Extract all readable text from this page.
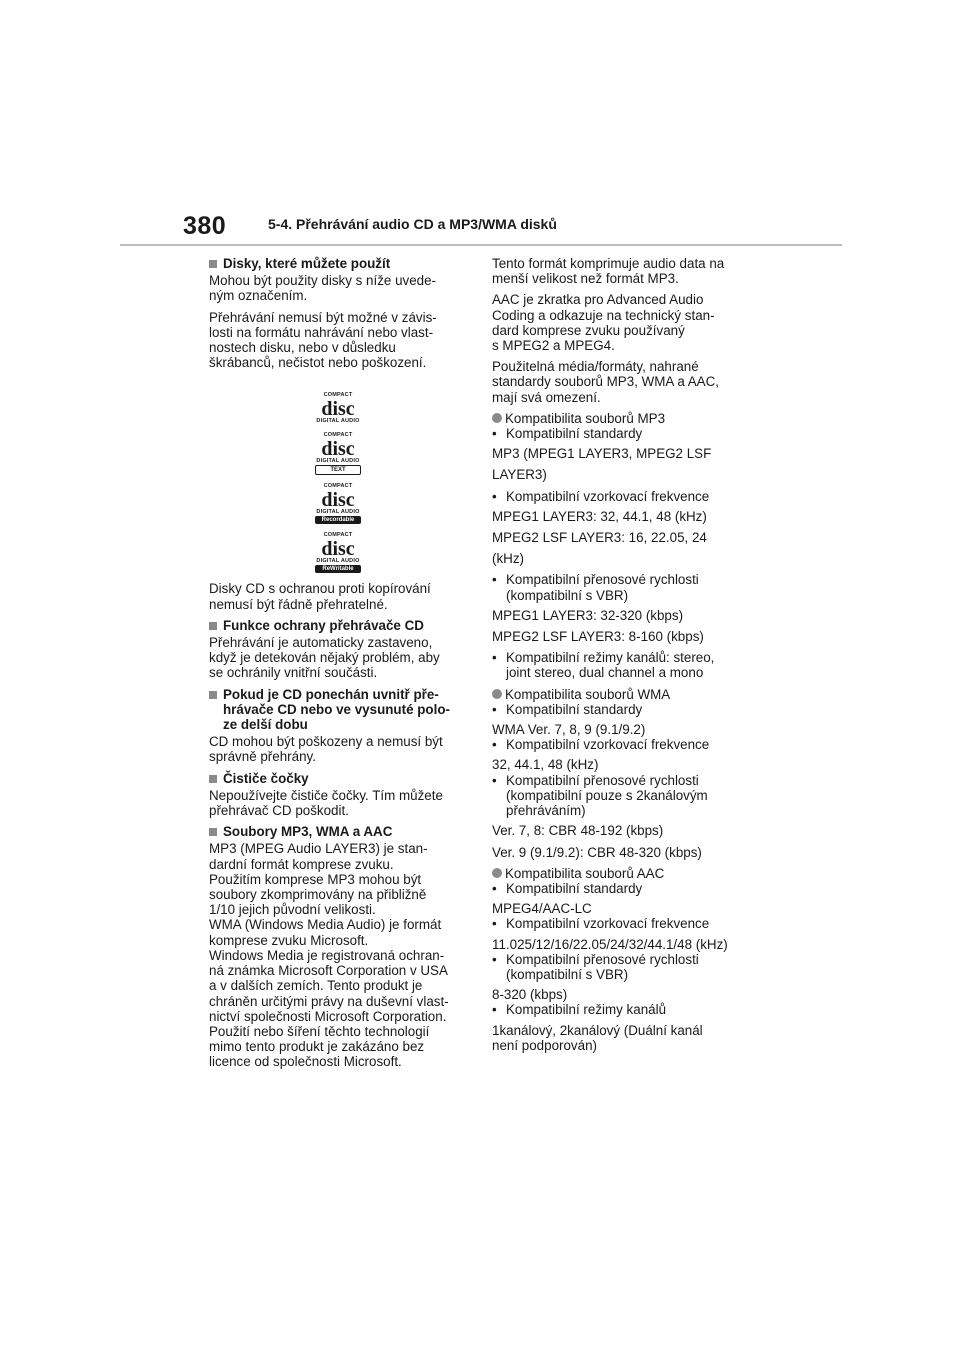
380	5-4. Přehrávání audio CD a MP3/WMA disků
Disky, které můžete použít

Mohou být použity disky s níže uvede-
ným označením.

Přehrávání nemusí být možné v závis-
losti na formátu nahrávání nebo vlast-
nostech disku, nebo v důsledku
škrábanců, nečistot nebo poškození.

COMPACT
disc
DIGITAL AUDIO
COMPACT
disc
DIGITAL AUDIO
TEXT
COMPACT
disc
DIGITAL AUDIO
Recordable
COMPACT
disc
DIGITAL AUDIO
ReWritable

Disky CD s ochranou proti kopírování
nemusí být řádně přehratelné.

Funkce ochrany přehrávače CD

Přehrávání je automaticky zastaveno,
když je detekován nějaký problém, aby
se ochránily vnitřní součásti.

Pokud je CD ponechán uvnitř pře-
hrávače CD nebo ve vysunuté polo-
ze delší dobu

CD mohou být poškozeny a nemusí být
správně přehrány.

Čističe čočky

Nepoužívejte čističe čočky. Tím můžete
přehrávač CD poškodit.

Soubory MP3, WMA a AAC

MP3 (MPEG Audio LAYER3) je stan-
dardní formát komprese zvuku.
Použitím komprese MP3 mohou být
soubory zkomprimovány na přibližně
1/10 jejich původní velikosti.
WMA (Windows Media Audio) je formát
komprese zvuku Microsoft.
Windows Media je registrovaná ochran-
ná známka Microsoft Corporation v USA
a v dalších zemích. Tento produkt je
chráněn určitými právy na duševní vlast-
nictví společnosti Microsoft Corporation.
Použití nebo šíření těchto technologií
mimo tento produkt je zakázáno bez
licence od společnosti Microsoft.

Tento formát komprimuje audio data na
menší velikost než formát MP3.

AAC je zkratka pro Advanced Audio
Coding a odkazuje na technický stan-
dard komprese zvuku používaný
s MPEG2 a MPEG4.

Použitelná média/formáty, nahrané
standardy souborů MP3, WMA a AAC,
mají svá omezení.

Kompatibilita souborů MP3
• Kompatibilní standardy
MP3 (MPEG1 LAYER3, MPEG2 LSF
LAYER3)
• Kompatibilní vzorkovací frekvence
MPEG1 LAYER3: 32, 44.1, 48 (kHz)
MPEG2 LSF LAYER3: 16, 22.05, 24
(kHz)
• Kompatibilní přenosové rychlosti
(kompatibilní s VBR)
MPEG1 LAYER3: 32-320 (kbps)
MPEG2 LSF LAYER3: 8-160 (kbps)
• Kompatibilní režimy kanálů: stereo,
joint stereo, dual channel a mono
Kompatibilita souborů WMA
• Kompatibilní standardy
WMA Ver. 7, 8, 9 (9.1/9.2)
• Kompatibilní vzorkovací frekvence
32, 44.1, 48 (kHz)
• Kompatibilní přenosové rychlosti
(kompatibilní pouze s 2kanálovým
přehráváním)
Ver. 7, 8: CBR 48-192 (kbps)
Ver. 9 (9.1/9.2): CBR 48-320 (kbps)
Kompatibilita souborů AAC
• Kompatibilní standardy
MPEG4/AAC-LC
• Kompatibilní vzorkovací frekvence
11.025/12/16/22.05/24/32/44.1/48 (kHz)
• Kompatibilní přenosové rychlosti
(kompatibilní s VBR)
8-320 (kbps)
• Kompatibilní režimy kanálů

1kanálový, 2kanálový (Duální kanál
není podporován)
